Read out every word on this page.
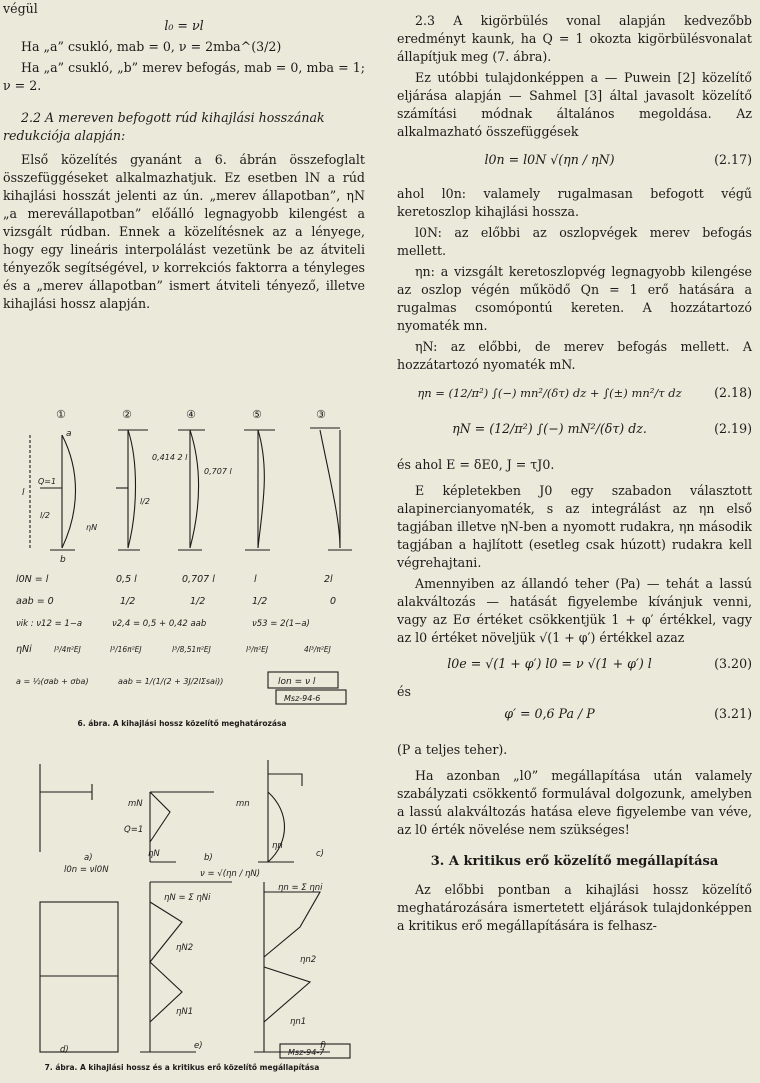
végül

l₀ = νl

Ha „a” csukló, mab = 0, ν = 2mba^(3/2)

Ha „a” csukló, „b” merev befogás, mab = 0, mba = 1; ν = 2.

2.2 A mereven befogott rúd kihajlási hosszának redukciója alapján:

Első közelítés gyanánt a 6. ábrán összefoglalt összefüggéseket alkalmazhatjuk. Ez esetben lN a rúd kihajlási hosszát jelenti az ún. „merev állapotban”, ηN „a merevállapotban” előálló legnagyobb kilengést a vizsgált rúdban. Ennek a közelítésnek az a lényege, hogy egy lineáris interpolálást vezetünk be az átviteli tényezők segítségével, ν korrekciós faktorra a tényleges és a „merev állapotban” ismert átviteli tényező, illetve kihajlási hossz alapján.

①	②	④	⑤	③
a
b
Q=1
l
l/2
ηN
0,414 2 l
0,707 l
l/2
l0N = l	0,5 l	0,707 l	l	2l
aab = 0	1/2	1/2	1/2	0
νik : ν12 = 1−a	ν2,4 = 0,5 + 0,42 aab	ν53 = 2(1−a)
ηNi	l³/4π²EJ	l³/16π²EJ	l³/8,51π²EJ	l³/π²EJ	4l³/π²EJ
a = ½(σab + σba)	aab = 1/(1/(2 + 3J/2lΣsai))	lon = ν l
Msz-94-6
6. ábra. A kihajlási hossz közelítő meghatározása
a)	b)	c)
d)	e)	f)
mN	mn
Q=1
ηN
ηn
l0n = νl0N	ν = √(ηn / ηN)
ηN = Σ ηNi
ηn = Σ ηni
ηN2
ηN1
ηn2
ηn1
Msz-94-7
7. ábra. A kihajlási hossz és a kritikus erő közelítő megállapítása

2.3 A kigörbülés vonal alapján kedvezőbb eredményt kaunk, ha Q = 1 okozta kigörbülésvonalat állapítjuk meg (7. ábra).

Ez utóbbi tulajdonképpen a — Puwein [2] közelítő eljárása alapján — Sahmel [3] által javasolt közelítő számítási módnak általános megoldása. Az alkalmazható összefüggések

l0n = l0N √(ηn / ηN)	(2.17)

ahol l0n: valamely rugalmasan befogott végű keretoszlop kihajlási hossza.

l0N: az előbbi az oszlopvégek merev befogás mellett.

ηn: a vizsgált keretoszlopvég legnagyobb kilengése az oszlop végén működő Qn = 1 erő hatására a rugalmas csomópontú kereten. A hozzátartozó nyomaték mn.

ηN: az előbbi, de merev befogás mellett. A hozzátartozó nyomaték mN.

ηn = (12/π²) ∫(−) mn²/(δτ) dz + ∫(±) mn²/τ dz	(2.18)
ηN = (12/π²) ∫(−) mN²/(δτ) dz.	(2.19)

és ahol E = δE0, J = τJ0.

E képletekben J0 egy szabadon választott alapinercianyomaték, s az integrálást az ηn első tagjában illetve ηN-ben a nyomott rudakra, ηn második tagjában a hajlított (esetleg csak húzott) rudakra kell végrehajtani.

Amennyiben az állandó teher (Pa) — tehát a lassú alakváltozás — hatását figyelembe kívánjuk venni, vagy az Eσ értéket csökkentjük 1 + φ′ értékkel, vagy az l0 értéket növeljük √(1 + φ′) értékkel azaz

l0e = √(1 + φ′) l0 = ν √(1 + φ′) l	(3.20)

és

φ′ = 0,6 Pa / P	(3.21)

(P a teljes teher).

Ha azonban „l0” megállapítása után valamely szabályzati csökkentő formulával dolgozunk, amelyben a lassú alakváltozás hatása eleve figyelembe van véve, az l0 érték növelése nem szükséges!

3. A kritikus erő közelítő megállapítása

Az előbbi pontban a kihajlási hossz közelítő meghatározására ismertetett eljárások tulajdonképpen a kritikus erő megállapítására is felhasz-
